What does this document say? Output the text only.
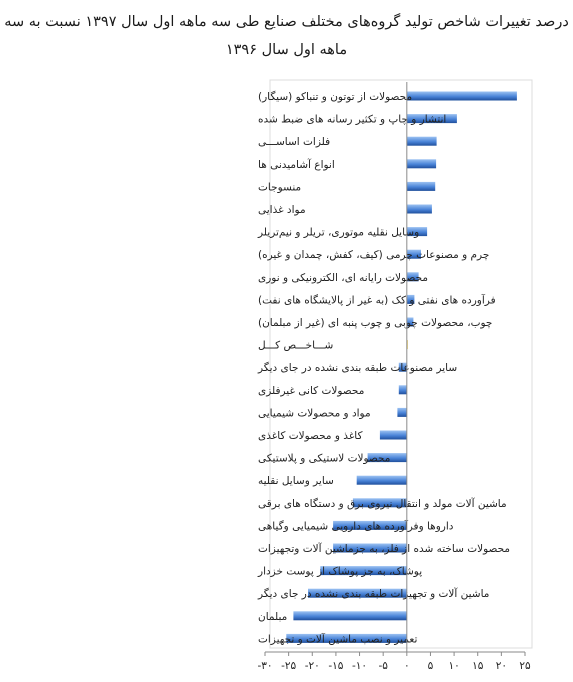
درصد تغییرات شاخص تولید گروه‌های مختلف صنایع طی سه ماهه اول سال ۱۳۹۷ نسبت به سه
ماهه اول سال ۱۳۹۶
محصولات از توتون و تنباکو (سیگار)
انتشار و چاپ و تکثیر رسانه های ضبط شده
فلزات اساســـی
انواع آشامیدنی ها
منسوجات
مواد غذایی
وسایل نقلیه موتوری، تریلر و نیم‌تریلر
چرم و مصنوعات چرمی (کیف، کفش، چمدان و غیره)
محصولات رایانه ای، الکترونیکی و نوری
فرآورده های نفتی و کک (به غیر از پالایشگاه های نفت)
چوب، محصولات چوبی و چوب پنبه ای (غیر از مبلمان)
شـــاخـــص کـــل
سایر مصنوعات طبقه بندی نشده در جای دیگر
محصولات کانی غیرفلزی
مواد و محصولات شیمیایی
کاغذ و محصولات کاغذی
محصولات لاستیکی و پلاستیکی
سایر وسایل نقلیه
ماشین آلات مولد و انتقال نیروی برق و دستگاه های برقی
داروها وفرآورده های دارویی شیمیایی وگیاهی
محصولات ساخته شده از فلز، به جزماشین آلات وتجهیزات
پوشاک، به جز پوشاک از پوست خزدار
ماشین آلات و تجهیزات طبقه بندی نشده در جای دیگر
مبلمان
تعمیر و نصب ماشین آلات و تجهیزات
-۳۰ -۲۵ -۲۰ -۱۵ -۱۰ -۵ ۰ ۵ ۱۰ ۱۵ ۲۰ ۲۵
